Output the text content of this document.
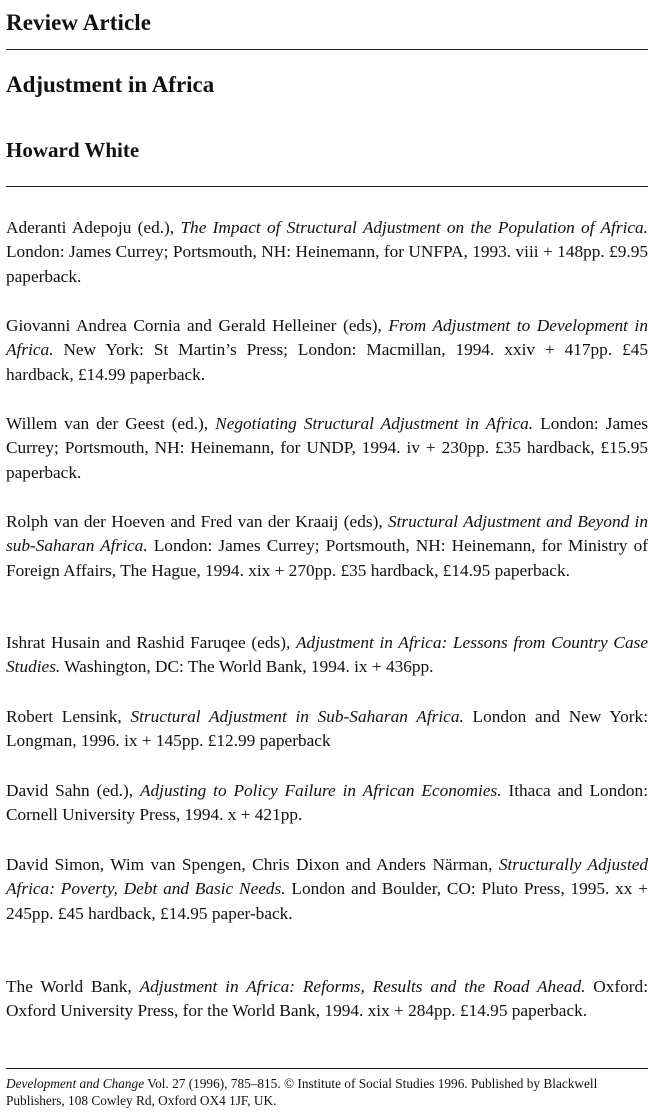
Review Article
Adjustment in Africa
Howard White

Aderanti Adepoju (ed.), The Impact of Structural Adjustment on the Population of Africa. London: James Currey; Portsmouth, NH: Heinemann, for UNFPA, 1993. viii + 148pp. £9.95 paperback.

Giovanni Andrea Cornia and Gerald Helleiner (eds), From Adjustment to Development in Africa. New York: St Martin’s Press; London: Macmillan, 1994. xxiv + 417pp. £45 hardback, £14.99 paperback.

Willem van der Geest (ed.), Negotiating Structural Adjustment in Africa. London: James Currey; Portsmouth, NH: Heinemann, for UNDP, 1994. iv + 230pp. £35 hardback, £15.95 paperback.

Rolph van der Hoeven and Fred van der Kraaij (eds), Structural Adjustment and Beyond in sub-Saharan Africa. London: James Currey; Portsmouth, NH: Heinemann, for Ministry of Foreign Affairs, The Hague, 1994. xix + 270pp. £35 hardback, £14.95 paperback.

Ishrat Husain and Rashid Faruqee (eds), Adjustment in Africa: Lessons from Country Case Studies. Washington, DC: The World Bank, 1994. ix + 436pp.

Robert Lensink, Structural Adjustment in Sub-Saharan Africa. London and New York: Longman, 1996. ix + 145pp. £12.99 paperback

David Sahn (ed.), Adjusting to Policy Failure in African Economies. Ithaca and London: Cornell University Press, 1994. x + 421pp.

David Simon, Wim van Spengen, Chris Dixon and Anders Närman, Structurally Adjusted Africa: Poverty, Debt and Basic Needs. London and Boulder, CO: Pluto Press, 1995. xx + 245pp. £45 hardback, £14.95 paper-back.

The World Bank, Adjustment in Africa: Reforms, Results and the Road Ahead. Oxford: Oxford University Press, for the World Bank, 1994. xix + 284pp. £14.95 paperback.

Development and Change Vol. 27 (1996), 785–815. © Institute of Social Studies 1996. Published by Blackwell Publishers, 108 Cowley Rd, Oxford OX4 1JF, UK.
